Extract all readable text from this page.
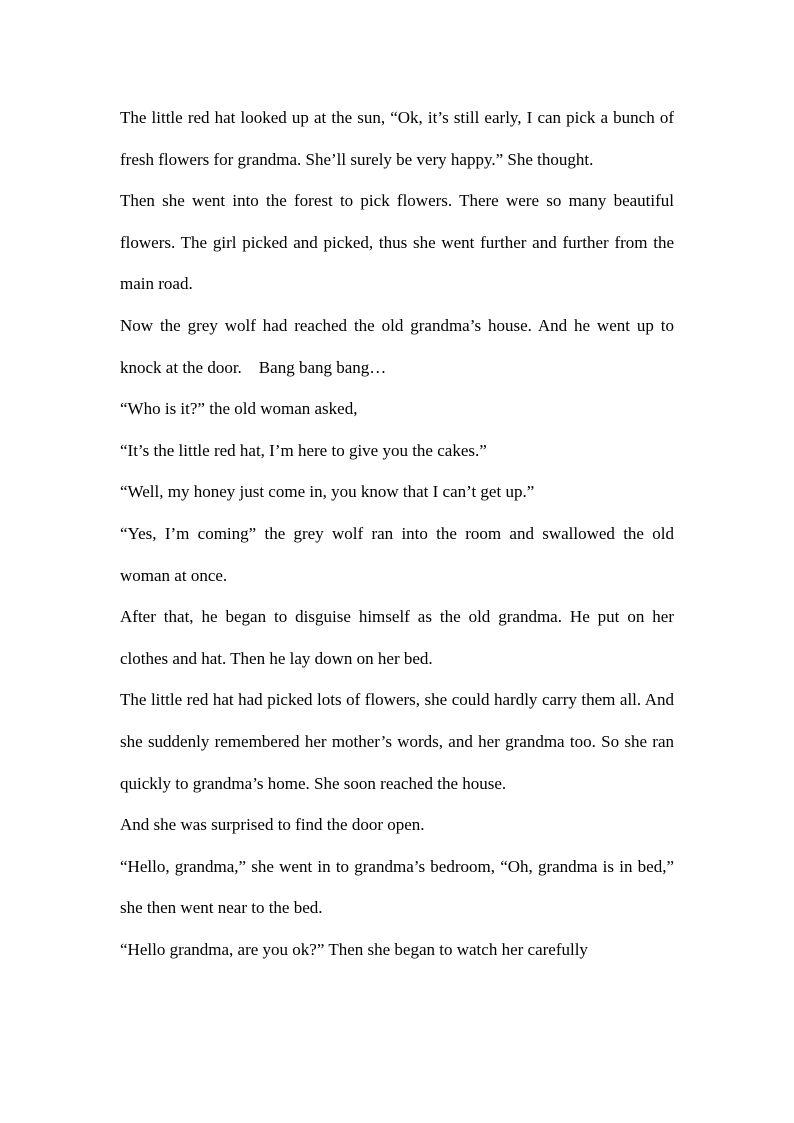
The little red hat looked up at the sun, “Ok, it’s still early, I can pick a bunch of fresh flowers for grandma. She’ll surely be very happy.” She thought.

Then she went into the forest to pick flowers. There were so many beautiful flowers. The girl picked and picked, thus she went further and further from the main road.

Now the grey wolf had reached the old grandma’s house. And he went up to knock at the door.    Bang bang bang…

“Who is it?” the old woman asked,

“It’s the little red hat, I’m here to give you the cakes.”

“Well, my honey just come in, you know that I can’t get up.”

“Yes, I’m coming” the grey wolf ran into the room and swallowed the old woman at once.

After that, he began to disguise himself as the old grandma. He put on her clothes and hat. Then he lay down on her bed.

The little red hat had picked lots of flowers, she could hardly carry them all. And she suddenly remembered her mother’s words, and her grandma too. So she ran quickly to grandma’s home. She soon reached the house.

And she was surprised to find the door open.

“Hello, grandma,” she went in to grandma’s bedroom, “Oh, grandma is in bed,” she then went near to the bed.

“Hello grandma, are you ok?” Then she began to watch her carefully
